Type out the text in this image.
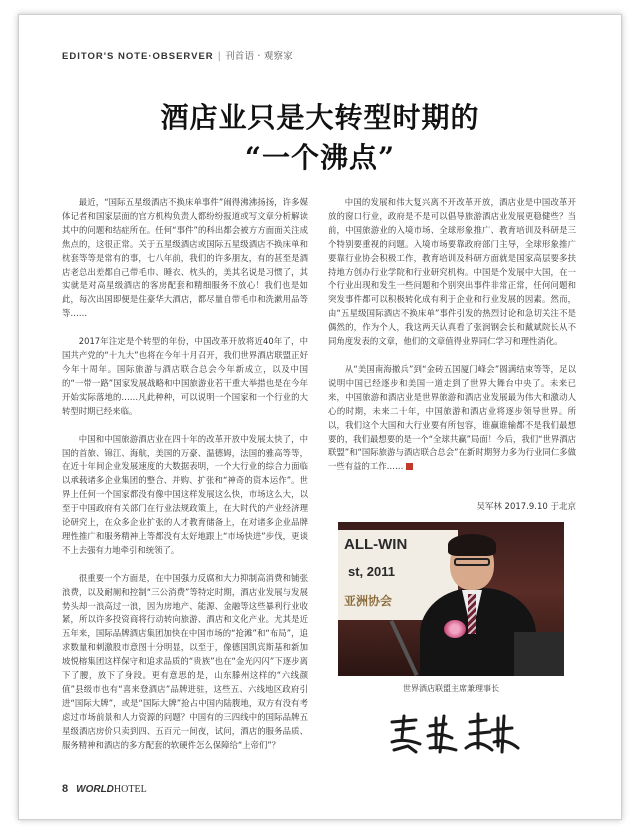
EDITOR'S NOTE·OBSERVER | 刊首语 · 观察家
酒店业只是大转型时期的
“一个沸点”

最近，“国际五星级酒店不换床单事件”闹得沸沸扬扬，许多媒体记者和国家层面的官方机构负责人都纷纷报道或写文章分析解读其中的问题和结症所在。任何“事件”的科出都会被方方面面关注成焦点的，这很正常。关于五星级酒店或国际五星级酒店不换床单和枕套等等是常有的事，七八年前，我们的许多朋友，有的甚至是酒店老总出差都自己带毛巾、睡衣、枕头的，美其名说是习惯了，其实就是对高星级酒店的客房配套和精细服务不放心！我们也是如此，每次出国即便是住豪华大酒店，都尽量自带毛巾和洗漱用品等等……

2017年注定是个转型的年份，中国改革开放将近40年了，中国共产党的“十九大”也将在今年十月召开，我们世界酒店联盟正好今年十周年。国际旅游与酒店联合总会今年新成立，以及中国的“一带一路”国家发展战略和中国旅游业若干重大举措也是在今年开始实际落地的……凡此种种，可以说明一个国家和一个行业的大转型时期已经来临。

中国和中国旅游酒店业在四十年的改革开放中发展太快了，中国的首旅、锦江、海航，美国的万豪、温德姆，法国的雅高等等，在近十年间企业发展速度的大数据表明，一个大行业的综合力面临以承载诸多企业集团的整合、并购、扩张和“神奇的资本运作”。世界上任何一个国家都没有像中国这样发展这么快，市场这么大，以至于中国政府有关部门在行业法规政策上，在大时代的产业经济理论研究上，在众多企业扩张的人才教育储备上，在对诸多企业品牌理性推广和服务精神上等都没有太好地跟上“市场快进”步伐，更谈不上去强有力地牵引和统领了。

很重要一个方面是，在中国强力反腐和大力抑制高消费和铺张浪费，以及耐厕和控制“三公消费”等特定时期，酒店业发展与发展势头却一浪高过一浪，因为房地产、能源、金融等这些暴利行业收紧，所以许多投资商将行动转向旅游、酒店和文化产业。尤其是近五年来，国际品牌酒店集团加快在中国市场的“抢滩”和“布局”，追求数量和刺激股市意图十分明显，以至于，像德国凯宾斯基和新加坡悦榕集团这样保守和追求品质的“贵族”也在“金光闪闪”下逐步离下了腰，放下了身段。更有意思的是，山东滕州这样的“六线颜值”县级市也有“喜来登酒店”品牌进驻，这些五、六线地区政府引进“国际大牌”，或是“国际大牌”抢占中国内陆腹地，双方有没有考虑过市场前景和人力资源的问题？中国有的三四线中的国际品牌五星级酒店房价只卖到四、五百元一间夜，试问，酒店的服务品质、服务精神和酒店的多方配套的软硬件怎么保障给“上帝们”？

中国的发展和伟大复兴离不开改革开放，酒店业是中国改革开放的窗口行业，政府是不是可以倡导旅游酒店业发展更稳健些？当前，中国旅游业的入境市场、全球形象推广、教育培训及科研是三个特别要重视的问题。入境市场要靠政府部门主导，全球形象推广要靠行业协会积极工作，教育培训及科研方面就是国家高层要多扶持地方创办行业学院和行业研究机构。中国是个发展中大国，在一个行业出现和发生一些问题和个别突出事件非常正常，任何问题和突发事件都可以积极转化成有利于企业和行业发展的因素。然而，由“五星级国际酒店不换床单”事件引发的热烈讨论和急切关注不是偶然的，作为个人，我这两天认真看了张润钢会长和戴斌院长从不同角度发表的文章，他们的文章值得业界同仁学习和理性消化。

从“美国南海撤兵”到“金砖五国厦门峰会”圆满结束等等，足以说明中国已经逐步和美国一道走到了世界大舞台中央了。未来已来，中国旅游和酒店业是世界旅游和酒店业发展最为伟大和激动人心的时期，未来二十年，中国旅游和酒店业将逐步领导世界。所以，我们这个大国和大行业要有所包容，谁赢谁输都不是我们最想要的，我们最想要的是一个“全球共赢”局面！今后，我们“世界酒店联盟”和“国际旅游与酒店联合总会”在新时期努力多为行业同仁多做一些有益的工作……

吴军林 2017.9.10 于北京
ALL-WIN
st, 2011
亚洲协会
世界酒店联盟主席兼理事长
8 WORLDHOTEL
